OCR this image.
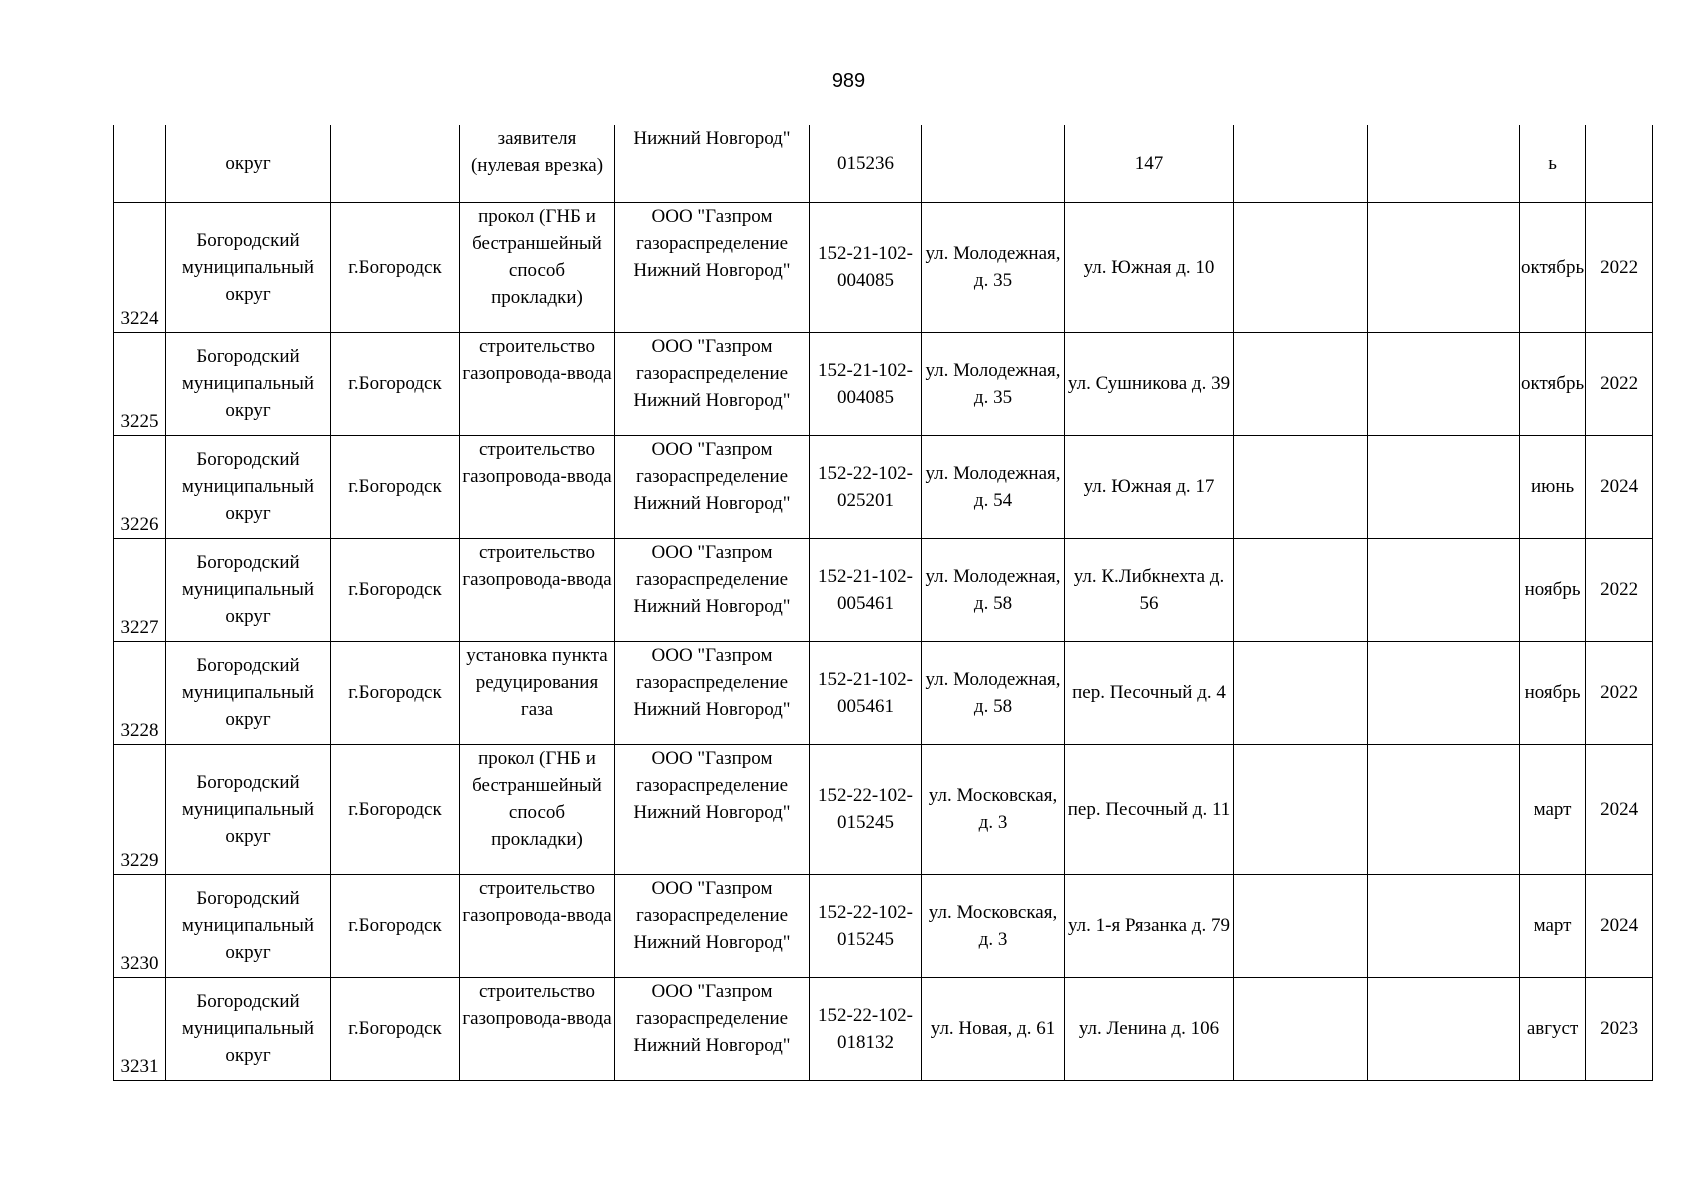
989
	округ		заявителя (нулевая врезка)	Нижний Новгород"	015236		147			ь	
3224	Богородский муниципальный округ	г.Богородск	прокол (ГНБ и бестраншейный способ прокладки)	ООО "Газпром газораспределение Нижний Новгород"	152-21-102-004085	ул. Молодежная, д. 35	ул. Южная д. 10			октябрь	2022
3225	Богородский муниципальный округ	г.Богородск	строительство газопровода-ввода	ООО "Газпром газораспределение Нижний Новгород"	152-21-102-004085	ул. Молодежная, д. 35	ул. Сушникова д. 39			октябрь	2022
3226	Богородский муниципальный округ	г.Богородск	строительство газопровода-ввода	ООО "Газпром газораспределение Нижний Новгород"	152-22-102-025201	ул. Молодежная, д. 54	ул. Южная д. 17			июнь	2024
3227	Богородский муниципальный округ	г.Богородск	строительство газопровода-ввода	ООО "Газпром газораспределение Нижний Новгород"	152-21-102-005461	ул. Молодежная, д. 58	ул. К.Либкнехта д. 56			ноябрь	2022
3228	Богородский муниципальный округ	г.Богородск	установка пункта редуцирования газа	ООО "Газпром газораспределение Нижний Новгород"	152-21-102-005461	ул. Молодежная, д. 58	пер. Песочный д. 4			ноябрь	2022
3229	Богородский муниципальный округ	г.Богородск	прокол (ГНБ и бестраншейный способ прокладки)	ООО "Газпром газораспределение Нижний Новгород"	152-22-102-015245	ул. Московская, д. 3	пер. Песочный д. 11			март	2024
3230	Богородский муниципальный округ	г.Богородск	строительство газопровода-ввода	ООО "Газпром газораспределение Нижний Новгород"	152-22-102-015245	ул. Московская, д. 3	ул. 1-я Рязанка д. 79			март	2024
3231	Богородский муниципальный округ	г.Богородск	строительство газопровода-ввода	ООО "Газпром газораспределение Нижний Новгород"	152-22-102-018132	ул. Новая, д. 61	ул. Ленина д. 106			август	2023
